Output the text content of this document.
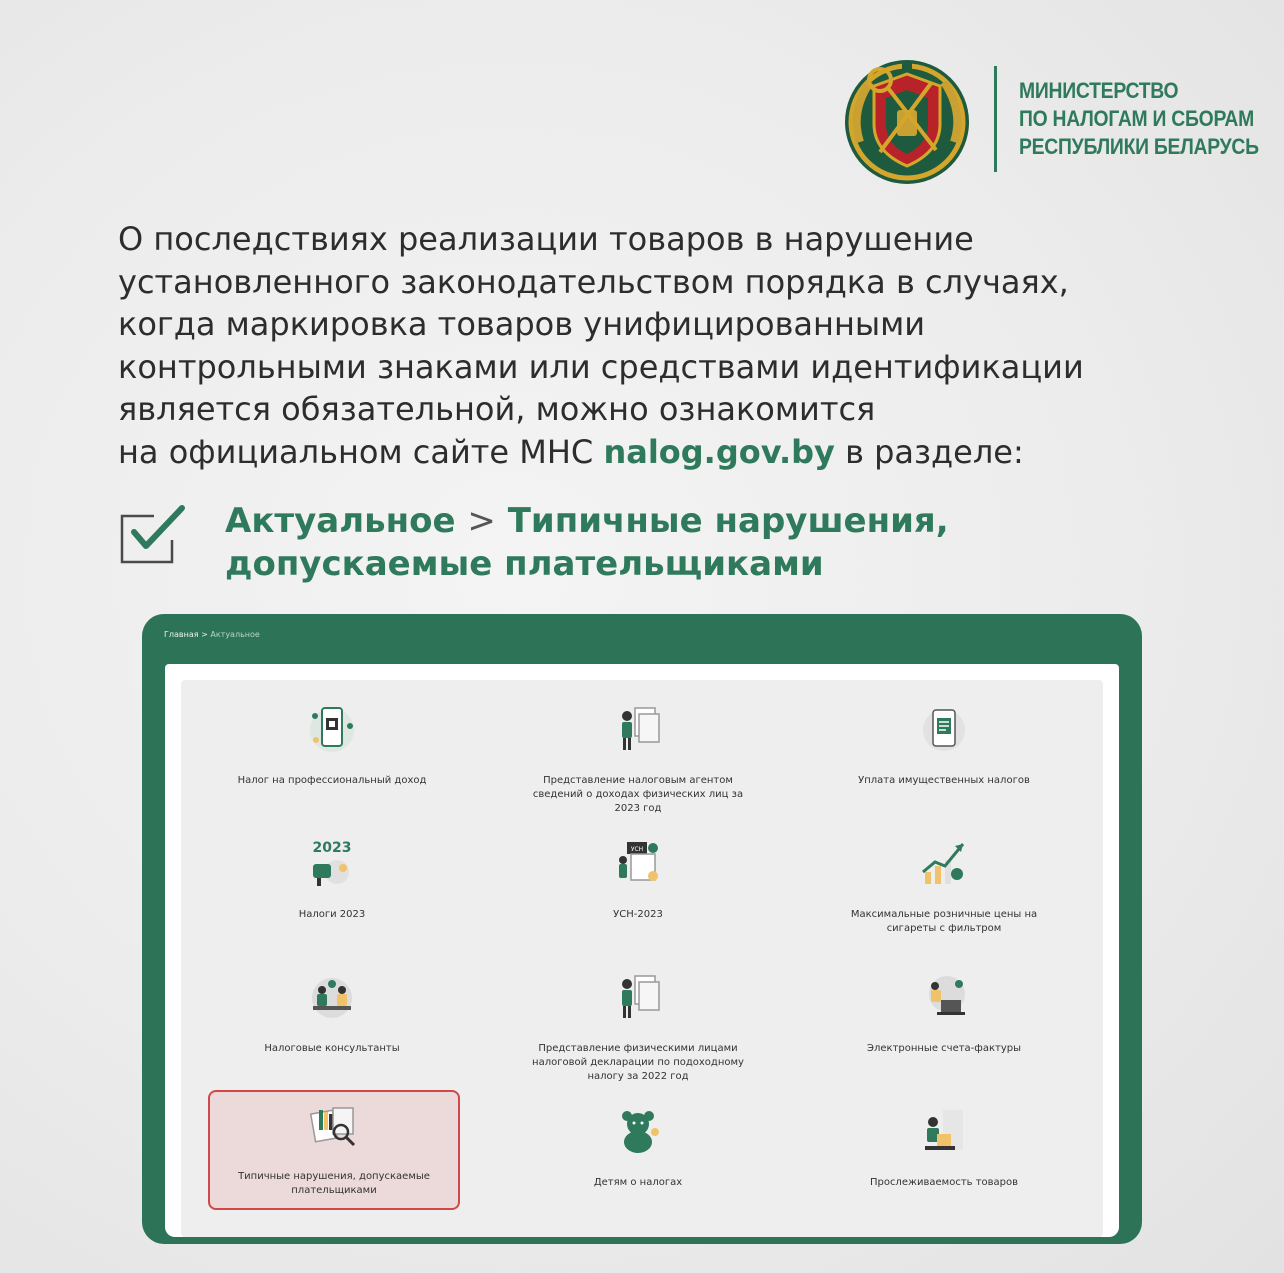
МИНИСТЕРСТВО
ПО НАЛОГАМ И СБОРАМ
РЕСПУБЛИКИ БЕЛАРУСЬ

О последствиях реализации товаров в нарушение
установленного законодательством порядка в случаях,
когда маркировка товаров унифицированными
контрольными знаками или средствами идентификации
является обязательной, можно ознакомится
на официальном сайте МНС nalog.gov.by в разделе:

Актуальное > Типичные нарушения, допускаемые плательщиками

Главная > Актуальное
Налог на профессиональный доход	Представление налоговым агентом сведений о доходах физических лиц за 2023 год
Уплата имущественных налогов
2023
Налоги 2023
УСН
УСН-2023	Максимальные розничные цены на сигареты с фильтром
Налоговые консультанты	Представление физическими лицами налоговой декларации по подоходному налогу за 2022 год
Электронные счета-фактуры
Типичные нарушения, допускаемые плательщиками
Детям о налогах	Прослеживаемость товаров
